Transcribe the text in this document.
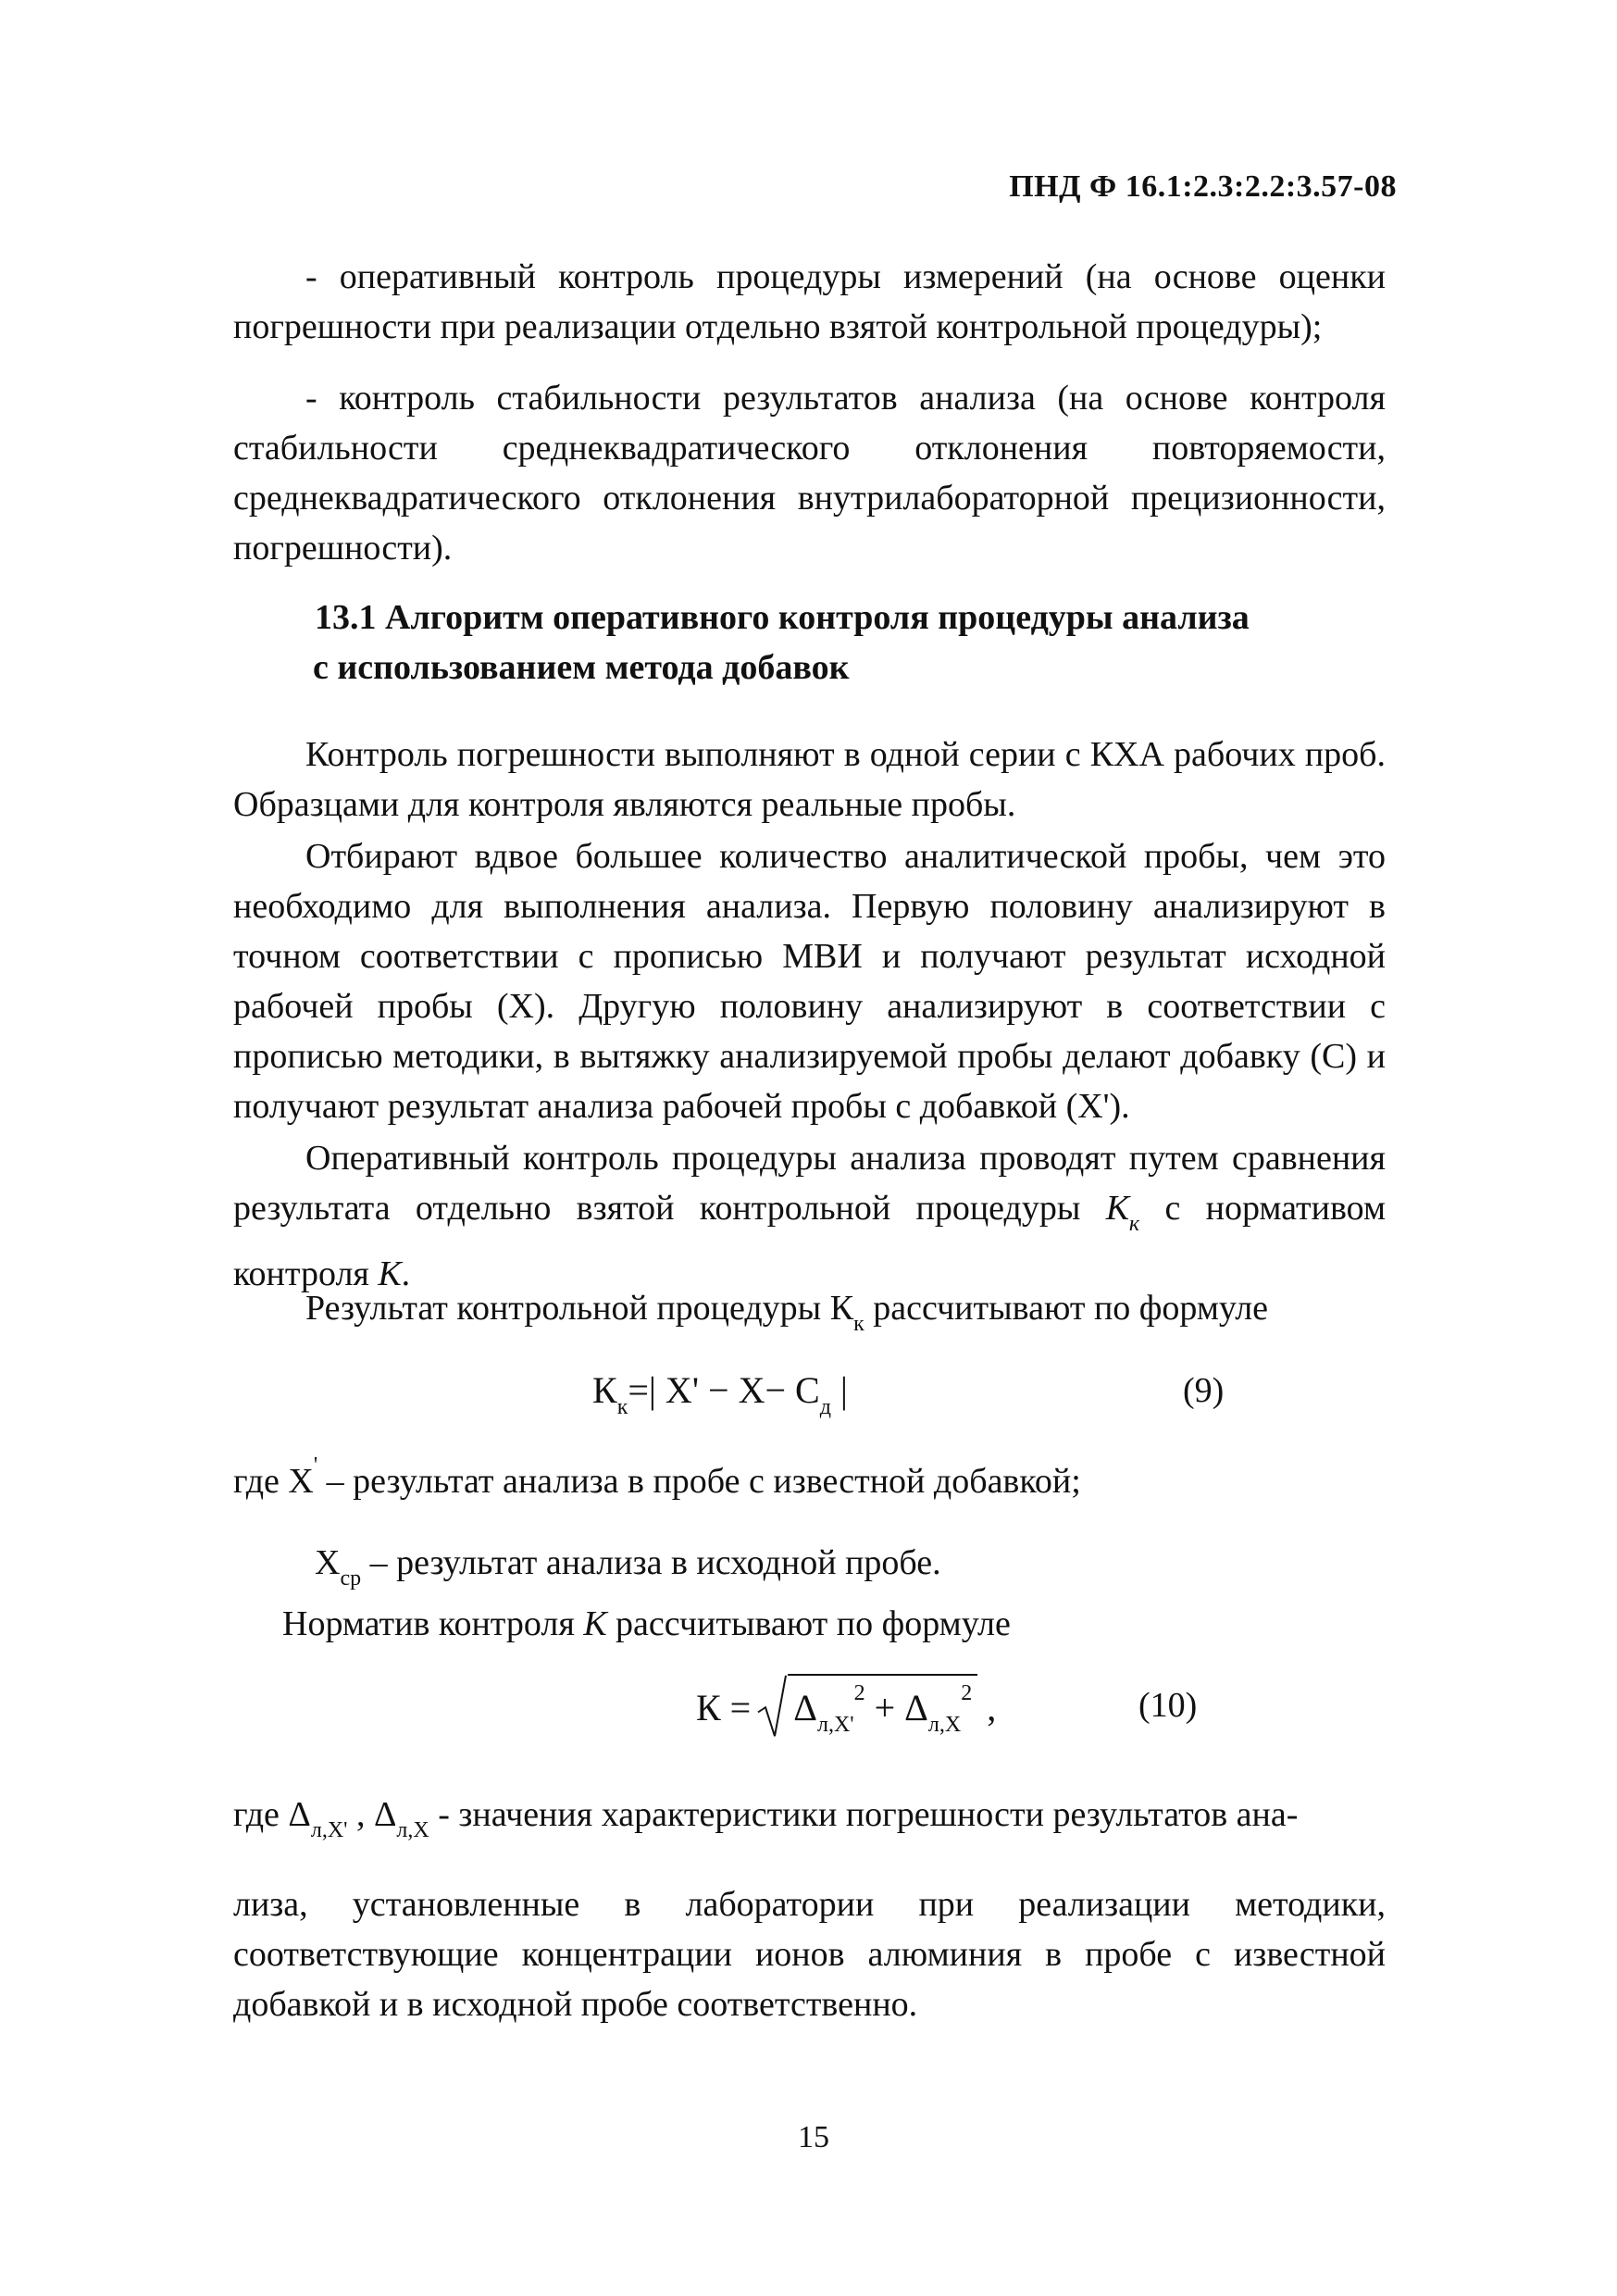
ПНД Ф 16.1:2.3:2.2:3.57-08
- оперативный контроль процедуры измерений (на основе оценки погрешности при реализации отдельно взятой контрольной процедуры);
- контроль стабильности результатов анализа (на основе контроля стабильности среднеквадратического отклонения повторяемости, среднеквадратического отклонения внутрилабораторной прецизионности, погрешности).
13.1 Алгоритм оперативного контроля процедуры анализа
с использованием метода добавок
Контроль погрешности выполняют в одной серии с КХА рабочих проб. Образцами для контроля являются реальные пробы.
Отбирают вдвое большее количество аналитической пробы, чем это необходимо для выполнения анализа. Первую половину анализируют в точном соответствии с прописью МВИ и получают результат исходной рабочей пробы (Х). Другую половину анализируют в соответствии с прописью методики, в вытяжку анализируемой пробы делают добавку (С) и получают результат анализа рабочей пробы с добавкой (Х').
Оперативный контроль процедуры анализа проводят путем сравнения результата отдельно взятой контрольной процедуры $К_к$ с нормативом контроля К.
Результат контрольной процедуры $К_к$ рассчитывают по формуле
$К_к=|$ $X' - X- C_д$ |	(9)
где X' – результат анализа в пробе с известной добавкой;
$X_{ср}$ – результат анализа в исходной пробе.
Норматив контроля К рассчитывают по формуле
$К = \Delta_{л,X'}^2 + \Delta_{л,X}^2$ ,	(10)
где $\Delta_{л,X'}$ , $\Delta_{л,X}$ - значения характеристики погрешности результатов ана-
лиза, установленные в лаборатории при реализации методики, соответствующие концентрации ионов алюминия в пробе с известной добавкой и в исходной пробе соответственно.
15
